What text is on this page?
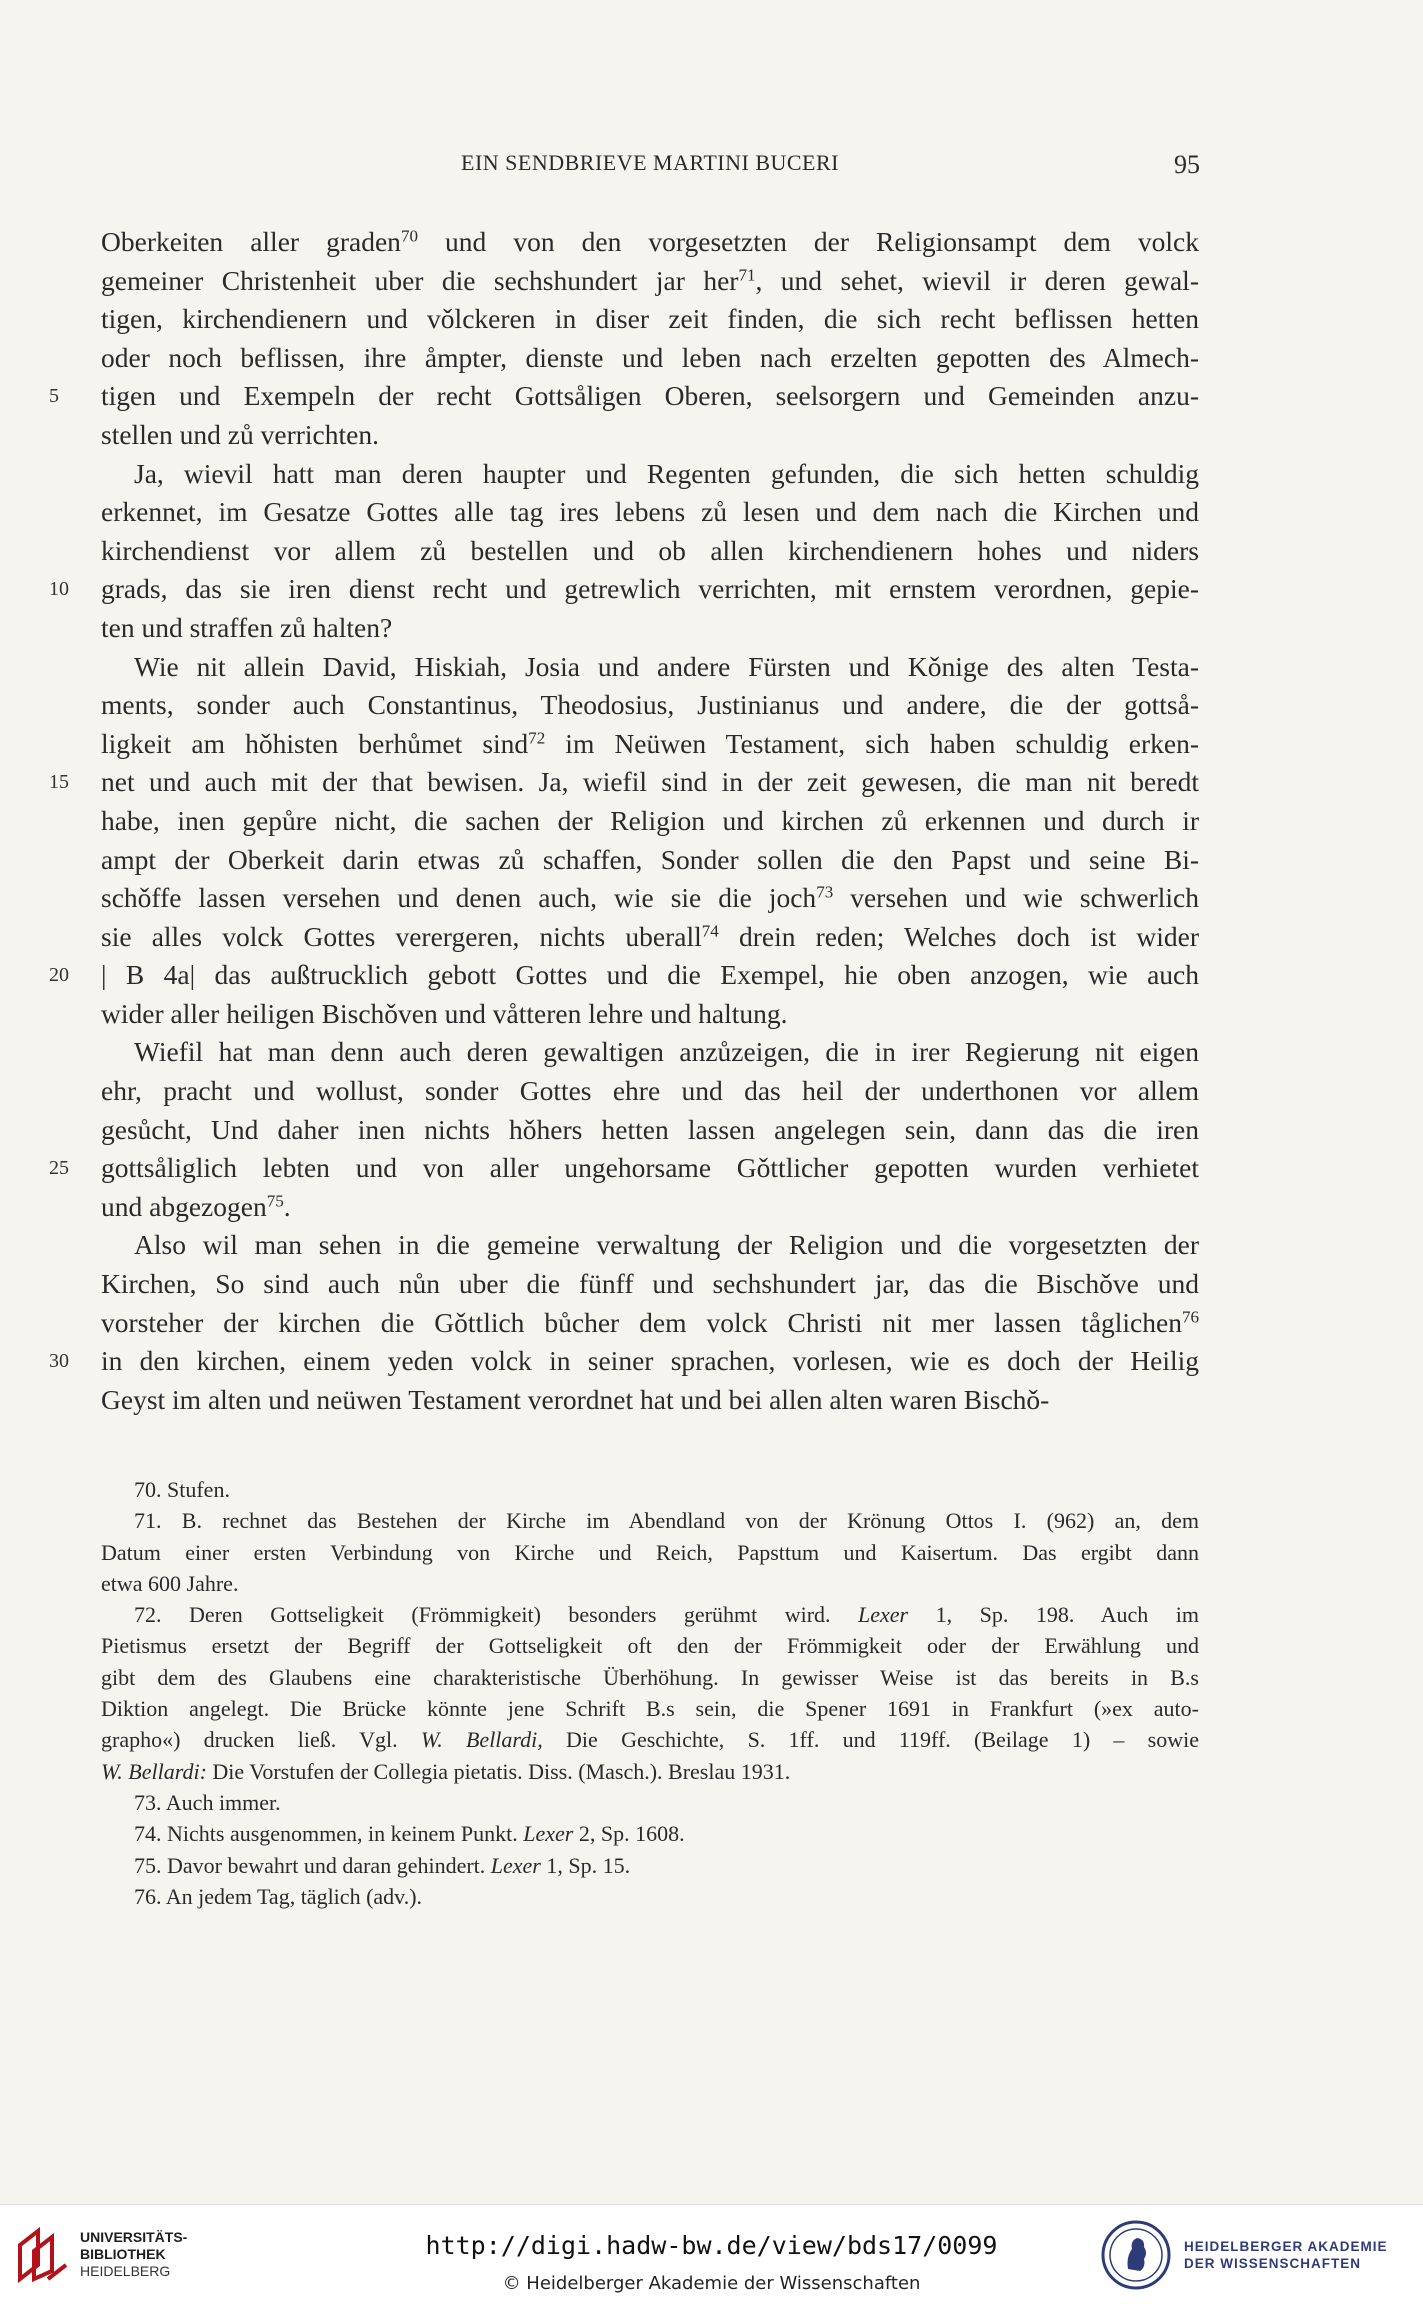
EIN SENDBRIEVE MARTINI BUCERI	95
Oberkeiten aller graden$^{70}$ und von den vorgesetzten der Religionsampt dem volck
gemeiner Christenheit uber die sechshundert jar her$^{71}$, und sehet, wievil ir deren gewal-
tigen, kirchendienern und vǒlckeren in diser zeit finden, die sich recht beflissen hetten
oder noch beflissen, ihre åmpter, dienste und leben nach erzelten gepotten des Almech-
tigen und Exempeln der recht Gottsåligen Oberen, seelsorgern und Gemeinden anzu-
5
stellen und zů verrichten.
Ja, wievil hatt man deren haupter und Regenten gefunden, die sich hetten schuldig
erkennet, im Gesatze Gottes alle tag ires lebens zů lesen und dem nach die Kirchen und
kirchendienst vor allem zů bestellen und ob allen kirchendienern hohes und niders
grads, das sie iren dienst recht und getrewlich verrichten, mit ernstem verordnen, gepie-
10
ten und straffen zů halten?
Wie nit allein David, Hiskiah, Josia und andere Fürsten und Kǒnige des alten Testa-
ments, sonder auch Constantinus, Theodosius, Justinianus und andere, die der gottså-
ligkeit am hǒhisten berhůmet sind$^{72}$ im Neüwen Testament, sich haben schuldig erken-
net und auch mit der that bewisen. Ja, wiefil sind in der zeit gewesen, die man nit beredt
15
habe, inen gepůre nicht, die sachen der Religion und kirchen zů erkennen und durch ir
ampt der Oberkeit darin etwas zů schaffen, Sonder sollen die den Papst und seine Bi-
schǒffe lassen versehen und denen auch, wie sie die joch$^{73}$ versehen und wie schwerlich
sie alles volck Gottes verergeren, nichts uberall$^{74}$ drein reden; Welches doch ist wider
| B 4a| das außtrucklich gebott Gottes und die Exempel, hie oben anzogen, wie auch
20
wider aller heiligen Bischǒven und våtteren lehre und haltung.
Wiefil hat man denn auch deren gewaltigen anzůzeigen, die in irer Regierung nit eigen
ehr, pracht und wollust, sonder Gottes ehre und das heil der underthonen vor allem
gesůcht, Und daher inen nichts hǒhers hetten lassen angelegen sein, dann das die iren
gottsåliglich lebten und von aller ungehorsame Gǒttlicher gepotten wurden verhietet
25
und abgezogen$^{75}$.
Also wil man sehen in die gemeine verwaltung der Religion und die vorgesetzten der
Kirchen, So sind auch nůn uber die fünff und sechshundert jar, das die Bischǒve und
vorsteher der kirchen die Gǒttlich bůcher dem volck Christi nit mer lassen tåglichen$^{76}$
in den kirchen, einem yeden volck in seiner sprachen, vorlesen, wie es doch der Heilig
30
Geyst im alten und neüwen Testament verordnet hat und bei allen alten waren Bischǒ-
70. Stufen.
71. B. rechnet das Bestehen der Kirche im Abendland von der Krönung Ottos I. (962) an, dem
Datum einer ersten Verbindung von Kirche und Reich, Papsttum und Kaisertum. Das ergibt dann
etwa 600 Jahre.
72. Deren Gottseligkeit (Frömmigkeit) besonders gerühmt wird. Lexer 1, Sp. 198. Auch im
Pietismus ersetzt der Begriff der Gottseligkeit oft den der Frömmigkeit oder der Erwählung und
gibt dem des Glaubens eine charakteristische Überhöhung. In gewisser Weise ist das bereits in B.s
Diktion angelegt. Die Brücke könnte jene Schrift B.s sein, die Spener 1691 in Frankfurt (»ex auto-
grapho«) drucken ließ. Vgl. W. Bellardi, Die Geschichte, S. 1ff. und 119ff. (Beilage 1) – sowie
W. Bellardi: Die Vorstufen der Collegia pietatis. Diss. (Masch.). Breslau 1931.
73. Auch immer.
74. Nichts ausgenommen, in keinem Punkt. Lexer 2, Sp. 1608.
75. Davor bewahrt und daran gehindert. Lexer 1, Sp. 15.
76. An jedem Tag, täglich (adv.).
UNIVERSITÄTS-
BIBLIOTHEK
HEIDELBERG
http://digi.hadw-bw.de/view/bds17/0099
© Heidelberger Akademie der Wissenschaften
HEIDELBERGER AKADEMIE
DER WISSENSCHAFTEN
